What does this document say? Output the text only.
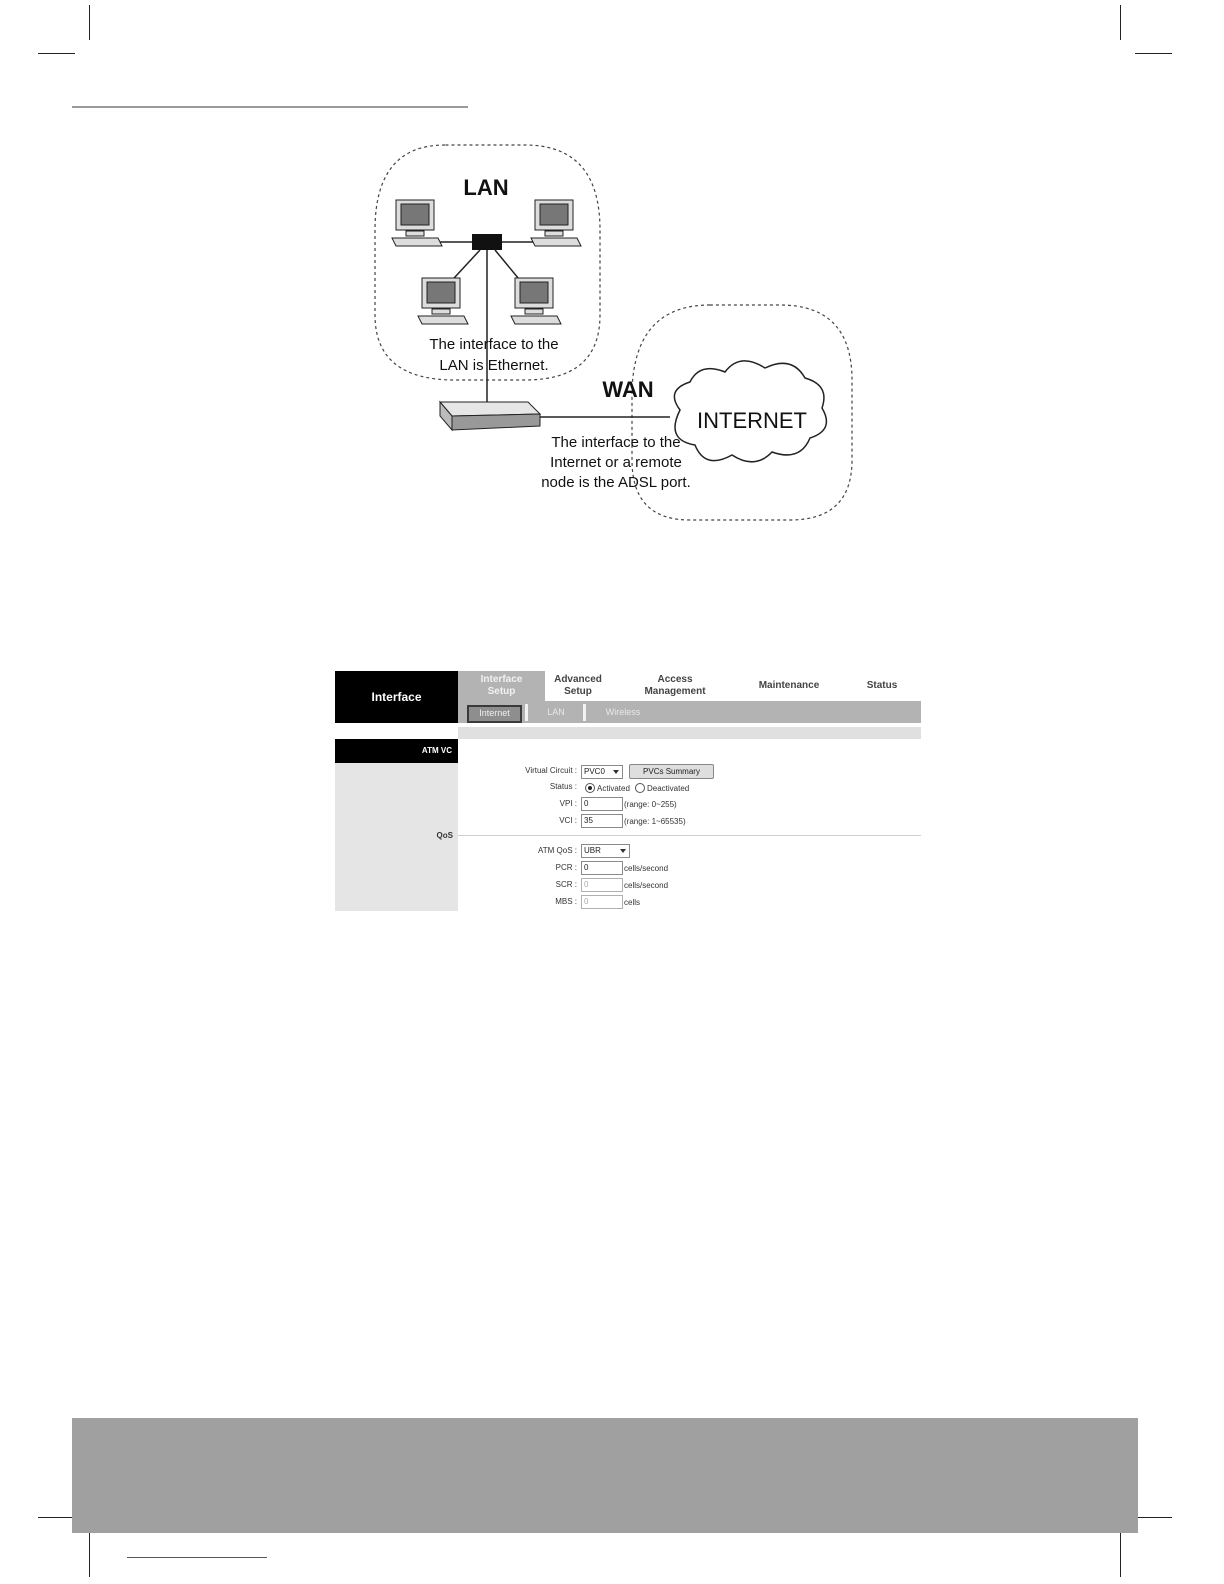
LAN
The interface to the
LAN is Ethernet.
WAN
INTERNET
The interface to the
Internet or a remote
node is the ADSL port.
Interface
Interface
Setup
Advanced
Setup
Access
Management
Maintenance	Status
Internet	LAN	Wireless
ATM VC
QoS
Virtual Circuit : PVC0	PVCs Summary
Status :	Activated Deactivated
VPI : 0	(range: 0~255)
VCI : 35	(range: 1~65535)
ATM QoS : UBR
PCR : 0	cells/second
SCR : 0	cells/second
MBS : 0	cells
